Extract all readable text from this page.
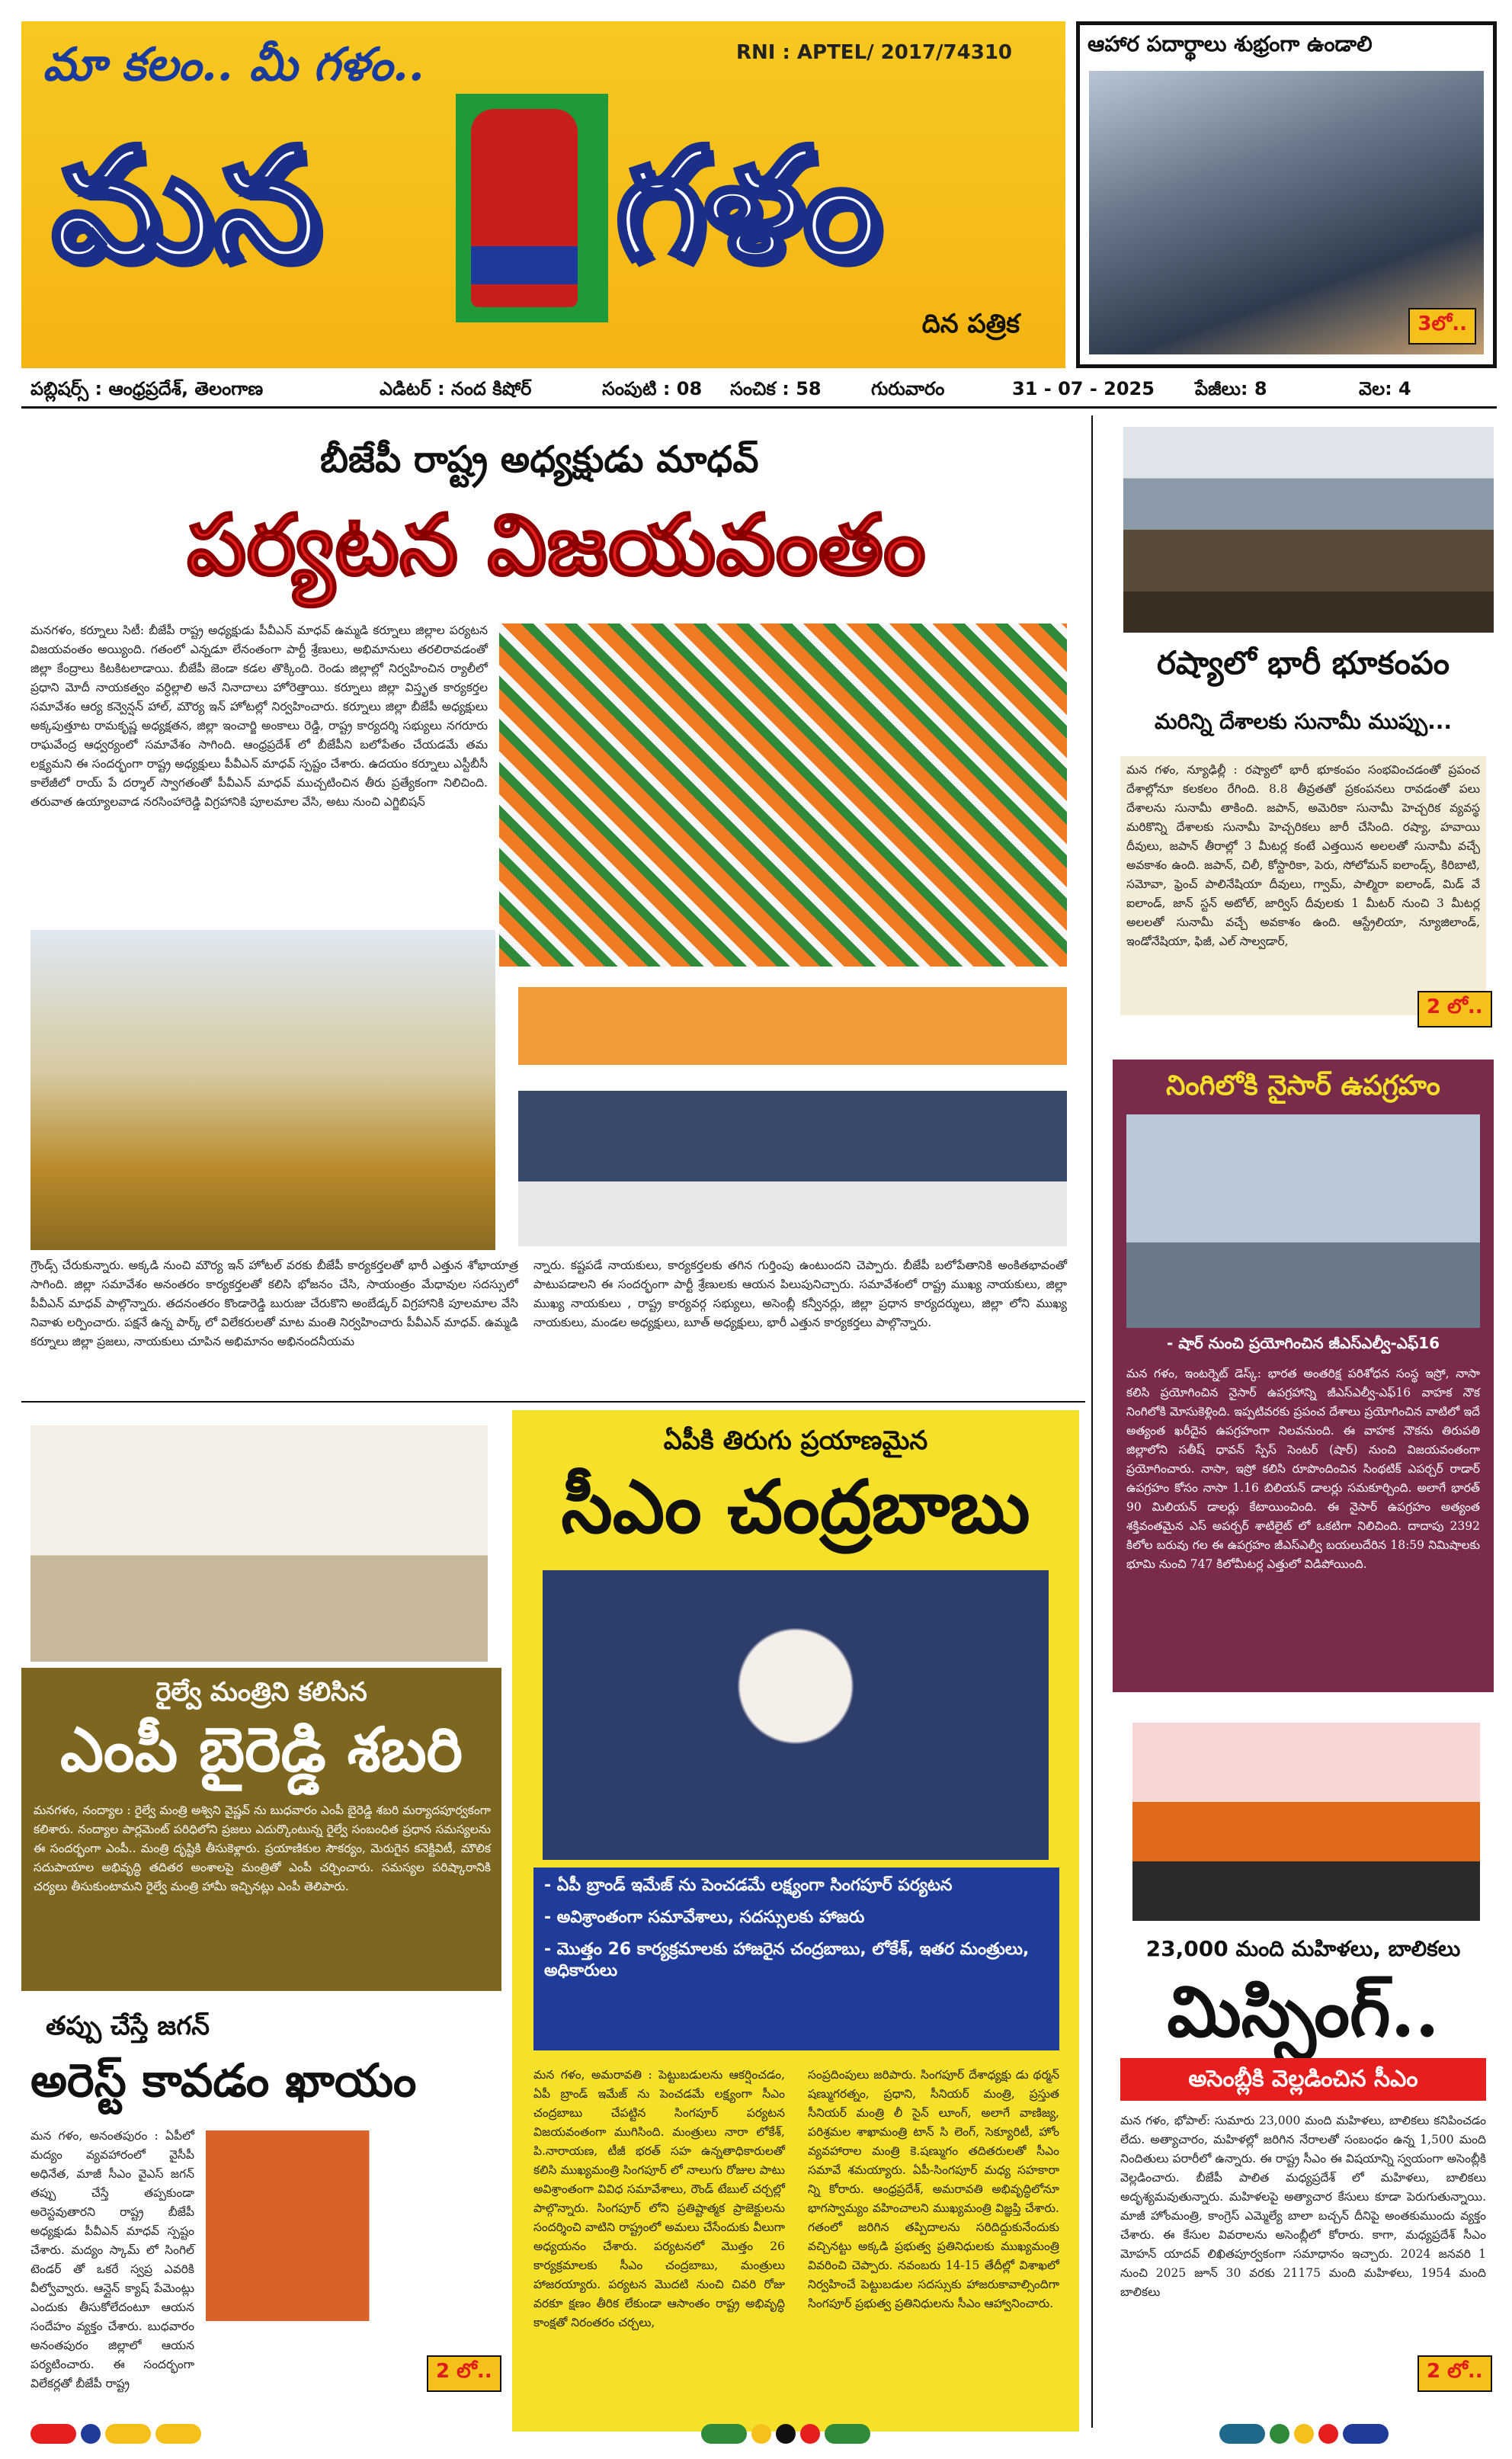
మా కలం.. మీ గళం..	RNI : APTEL/ 2017/74310
మన గళం
దిన పత్రిక
ఆహార పదార్థాలు శుభ్రంగా ఉండాలి
3లో..
పబ్లిషర్స్ : ఆంధ్రప్రదేశ్, తెలంగాణ	ఎడిటర్ : నంద కిషోర్	సంపుటి : 08 సంచిక : 58	గురువారం	31 - 07 - 2025 పేజీలు: 8	వెల: 4
బీజేపీ రాష్ట్ర అధ్యక్షుడు మాధవ్
పర్యటన విజయవంతం
మనగళం, కర్నూలు సిటీ: బీజేపీ రాష్ట్ర అధ్యక్షుడు పీవీఎన్ మాధవ్ ఉమ్మడి కర్నూలు జిల్లాల పర్యటన విజయవంతం అయ్యింది. గతంలో ఎన్నడూ లేనంతంగా పార్టీ శ్రేణులు, అభిమానులు తరలిరావడంతో జిల్లా కేంద్రాలు కిటకిటలాడాయి. బీజేపీ జెండా కడల తొక్కింది. రెండు జిల్లాల్లో నిర్వహించిన ర్యాలీలో ప్రధాని మోదీ నాయకత్వం వర్ధిల్లాలి అనే నినాదాలు హోరెత్తాయి. కర్నూలు జిల్లా విస్తృత కార్యకర్తల సమావేశం ఆర్య కన్వెన్షన్ హాల్, మౌర్య ఇన్ హోటల్లో నిర్వహించారు. కర్నూలు జిల్లా బీజేపీ అధ్యక్షులు అక్కపుత్తూట రామకృష్ణ అధ్యక్షతన, జిల్లా ఇంచార్జి అంకాలు రెడ్డి, రాష్ట్ర కార్యదర్శి సభ్యులు నగరూరు రాఘవేంద్ర ఆధ్వర్యంలో సమావేశం సాగింది. ఆంధ్రప్రదేశ్ లో బీజేపీని బలోపేతం చేయడమే తమ లక్ష్యమని ఈ సందర్భంగా రాష్ట్ర అధ్యక్షులు పీవీఎన్ మాధవ్ స్పష్టం చేశారు. ఉదయం కర్నూలు ఎస్టీబీసీ కాలేజీలో రాయ్ పే దర్శాల్ స్వాగతంతో పీవీఎన్ మాధవ్ ముచ్చటించిన తీరు ప్రత్యేకంగా నిలిచింది. తరువాత ఉయ్యాలవాడ నరసింహారెడ్డి విగ్రహానికి పూలమాల వేసి, అటు నుంచి ఎగ్జిబిషన్
గ్రౌండ్స్ చేరుకున్నారు. అక్కడి నుంచి మౌర్య ఇన్ హోటల్ వరకు బీజేపీ కార్యకర్తలతో భారీ ఎత్తున శోభాయాత్ర సాగింది. జిల్లా సమావేశం అనంతరం కార్యకర్తలతో కలిసి భోజనం చేసి, సాయంత్రం మేధావుల సదస్సులో పీవీఎన్ మాధవ్ పాల్గొన్నారు. తదనంతరం కొండారెడ్డి బురుజు చేరుకొని అంబేడ్కర్ విగ్రహానికి పూలమాల వేసి నివాళు లర్పించారు. పక్షనే ఉన్న పార్క్ లో విలేకరులతో మాట మంతి నిర్వహించారు పీవీఎన్ మాధవ్. ఉమ్మడి కర్నూలు జిల్లా ప్రజలు, నాయకులు చూపిన అభిమానం అభినందనీయమ
న్నారు. కష్టపడే నాయకులు, కార్యకర్తలకు తగిన గుర్తింపు ఉంటుందని చెప్పారు. బీజేపీ బలోపేతానికి అంకితభావంతో పాటుపడాలని ఈ సందర్భంగా పార్టీ శ్రేణులకు ఆయన పిలుపునిచ్చారు. సమావేశంలో రాష్ట్ర ముఖ్య నాయకులు, జిల్లా ముఖ్య నాయకులు , రాష్ట్ర కార్యవర్గ సభ్యులు, అసెంబ్లీ కన్వీనర్లు, జిల్లా ప్రధాన కార్యదర్శులు, జిల్లా లోని ముఖ్య నాయకులు, మండల అధ్యక్షులు, బూత్ అధ్యక్షులు, భారీ ఎత్తున కార్యకర్తలు పాల్గొన్నారు.
రష్యాలో భారీ భూకంపం
మరిన్ని దేశాలకు సునామీ ముప్పు...
మన గళం, న్యూఢిల్లీ : రష్యాలో భారీ భూకంపం సంభవించడంతో ప్రపంచ దేశాల్లోనూ కలకలం రేగింది. 8.8 తీవ్రతతో ప్రకంపనలు రావడంతో పలు దేశాలను సునామీ తాకింది. జపాన్, అమెరికా సునామీ హెచ్చరిక వ్యవస్థ మరికొన్ని దేశాలకు సునామీ హెచ్చరికలు జారీ చేసింది. రష్యా, హవాయి దీవులు, జపాన్ తీరాల్లో 3 మీటర్ల కంటే ఎత్తయిన అలలతో సునామీ వచ్చే అవకాశం ఉంది. జపాన్, చిలీ, కోస్టారికా, పెరు, సోలోమన్ ఐలాండ్స్, కిరిబాటి, సమోవా, ఫ్రెంచ్ పాలినేషియా దీవులు, గ్వామ్, పాల్మిరా ఐలాండ్, మిడ్ వే ఐలాండ్, జాన్ స్టన్ అటోల్, జార్విస్ దీవులకు 1 మీటర్ నుంచి 3 మీటర్ల అలలతో సునామీ వచ్చే అవకాశం ఉంది. ఆస్ట్రేలియా, న్యూజిలాండ్, ఇండోనేషియా, ఫిజీ, ఎల్ సాల్వడార్,
2 లో..
నింగిలోకి నైసార్ ఉపగ్రహం
- షార్ నుంచి ప్రయోగించిన జీఎస్ఎల్వీ-ఎఫ్16
మన గళం, ఇంటర్నెట్ డెస్క్: భారత అంతరిక్ష పరిశోధన సంస్థ ఇస్రో, నాసా కలిసి ప్రయోగించిన నైసార్ ఉపగ్రహాన్ని జీఎస్ఎల్వీ-ఎఫ్16 వాహక నౌక నింగిలోకి మోసుకెళ్లింది. ఇప్పటివరకు ప్రపంచ దేశాలు ప్రయోగించిన వాటిలో ఇదే అత్యంత ఖరీదైన ఉపగ్రహంగా నిలవనుంది. ఈ వాహక నౌకను తిరుపతి జిల్లాలోని సతీష్ ధావన్ స్పేస్ సెంటర్ (షార్) నుంచి విజయవంతంగా ప్రయోగించారు. నాసా, ఇస్రో కలిసి రూపొందించిన సింథటిక్ ఎపర్చర్ రాడార్ ఉపగ్రహం కోసం నాసా 1.16 బిలియన్ డాలర్లు సమకూర్చింది. అలాగే భారత్ 90 మిలియన్ డాలర్లు కేటాయించింది. ఈ నైసార్ ఉపగ్రహం అత్యంత శక్తివంతమైన ఎస్ అపర్చర్ శాటిలైట్ లో ఒకటిగా నిలిచింది. దాదాపు 2392 కిలోల బరువు గల ఈ ఉపగ్రహం జీఎస్ఎల్వీ బయలుదేరిన 18:59 నిమిషాలకు భూమి నుంచి 747 కిలోమీటర్ల ఎత్తులో విడిపోయింది.
రైల్వే మంత్రిని కలిసిన
ఎంపీ బైరెడ్డి శబరి
మనగళం, నంద్యాల : రైల్వే మంత్రి అశ్విని వైష్ణవ్ ను బుధవారం ఎంపీ బైరెడ్డి శబరి మర్యాదపూర్వకంగా కలిశారు. నంద్యాల పార్లమెంట్ పరిధిలోని ప్రజలు ఎదుర్కొంటున్న రైల్వే సంబంధిత ప్రధాన సమస్యలను ఈ సందర్భంగా ఎంపీ.. మంత్రి దృష్టికి తీసుకెళ్లారు. ప్రయాణికుల సౌకర్యం, మెరుగైన కనెక్టివిటీ, మౌలిక సదుపాయాల అభివృద్ధి తదితర అంశాలపై మంత్రితో ఎంపీ చర్చించారు. సమస్యల పరిష్కారానికి చర్యలు తీసుకుంటామని రైల్వే మంత్రి హామీ ఇచ్చినట్లు ఎంపీ తెలిపారు.
తప్పు చేస్తే జగన్
అరెస్ట్ కావడం ఖాయం
మన గళం, అనంతపురం : ఏపీలో మద్యం వ్యవహారంలో వైసీపీ అధినేత, మాజీ సీఎం వైఎస్ జగన్ తప్పు చేస్తే తప్పకుండా అరెస్టవుతారని రాష్ట్ర బీజేపీ అధ్యక్షుడు పీవీఎన్ మాధవ్ స్పష్టం చేశారు. మద్యం స్కామ్ లో సింగిల్ టెండర్ తో ఒకరే స్వప్ర ఎవరికి వీల్వోవ్వారు. ఆన్లైన్ క్యాష్ పేమెంట్లు ఎందుకు తీసుకోలేదంటూ ఆయన సందేహం వ్యక్తం చేశారు. బుధవారం అనంతపురం జిల్లాలో ఆయన పర్యటించారు. ఈ సందర్భంగా విలేకర్లతో బీజేపీ రాష్ట్ర
2 లో..
ఏపీకి తిరుగు ప్రయాణమైన
సీఎం చంద్రబాబు
- ఏపీ బ్రాండ్ ఇమేజ్ ను పెంచడమే లక్ష్యంగా సింగపూర్ పర్యటన
- అవిశ్రాంతంగా సమావేశాలు, సదస్సులకు హాజరు
- మొత్తం 26 కార్యక్రమాలకు హాజరైన చంద్రబాబు, లోకేశ్, ఇతర మంత్రులు, అధికారులు
మన గళం, అమరావతి : పెట్టుబడులను ఆకర్షించడం, ఏపీ బ్రాండ్ ఇమేజ్ ను పెంచడమే లక్ష్యంగా సీఎం చంద్రబాబు చేపట్టిన సింగపూర్ పర్యటన విజయవంతంగా ముగిసింది. మంత్రులు నారా లోకేశ్, పి.నారాయణ, టీజీ భరత్ సహ ఉన్నతాధికారులతో కలిసి ముఖ్యమంత్రి సింగపూర్ లో నాలుగు రోజుల పాటు అవిశ్రాంతంగా వివిధ సమావేశాలు, రౌండ్ టేబుల్ చర్చల్లో పాల్గొన్నారు. సింగపూర్ లోని ప్రతిష్టాత్మక ప్రాజెక్టులను సందర్శించి వాటిని రాష్ట్రంలో అమలు చేసేందుకు వీలుగా అధ్యయనం చేశారు. పర్యటనలో మొత్తం 26 కార్యక్రమాలకు సీఎం చంద్రబాబు, మంత్రులు హాజరయ్యారు. పర్యటన మొదటి నుంచి చివరి రోజు వరకూ క్షణం తీరిక లేకుండా ఆసాంతం రాష్ట్ర అభివృద్ధి కాంక్షతో నిరంతరం చర్చలు,
సంప్రదింపులు జరిపారు. సింగపూర్ దేశాధ్యక్షు డు థర్మన్ షణ్ముగరత్నం, ప్రధాని, సీనియర్ మంత్రి, ప్రస్తుత సీనియర్ మంత్రి లీ సైన్ లూంగ్, అలాగే వాణిజ్య, పరిశ్రమల శాఖామంత్రి టాన్ సి లెంగ్, సెక్యూరిటీ, హోం వ్యవహారాల మంత్రి కె.షణ్ముగం తదితరులతో సీఎం సమావే శమయ్యారు. ఏపీ-సింగపూర్ మధ్య సహకారా న్ని కోరారు. ఆంధ్రప్రదేశ్, అమరావతి అభివృద్ధిలోనూ భాగస్వామ్యం వహించాలని ముఖ్యమంత్రి విజ్ఞప్తి చేశారు. గతంలో జరిగిన తప్పిదాలను సరిదిద్దుకునేందుకు వచ్చినట్టు అక్కడి ప్రభుత్వ ప్రతినిధులకు ముఖ్యమంత్రి వివరించి చెప్పారు. నవంబరు 14-15 తేదీల్లో విశాఖలో నిర్వహించే పెట్టుబడుల సదస్సుకు హాజరుకావాల్సిందిగా సింగపూర్ ప్రభుత్వ ప్రతినిధులను సీఎం ఆహ్వానించారు.
23,000 మంది మహిళలు, బాలికలు
మిస్సింగ్..
అసెంబ్లీకి వెల్లడించిన సీఎం
మన గళం, భోపాల్: సుమారు 23,000 మంది మహిళలు, బాలికలు కనిపించడం లేదు. అత్యాచారం, మహిళల్లో జరిగిన నేరాలతో సంబంధం ఉన్న 1,500 మంది నిందితులు పరారీలో ఉన్నారు. ఈ రాష్ట్ర సీఎం ఈ విషయాన్ని స్వయంగా అసెంబ్లీకి వెల్లడించారు. బీజేపీ పాలిత మధ్యప్రదేశ్ లో మహిళలు, బాలికలు అదృశ్యమవుతున్నారు. మహిళలపై అత్యాచార కేసులు కూడా పెరుగుతున్నాయి. మాజీ హోంమంత్రి, కాంగ్రెస్ ఎమ్మెల్యే బాలా బచ్చన్ దీనిపై అంతకుముందు వ్యక్తం చేశారు. ఈ కేసుల వివరాలను అసెంబ్లీలో కోరారు. కాగా, మధ్యప్రదేశ్ సీఎం మోహన్ యాదవ్ లిఖితపూర్వకంగా సమాధానం ఇచ్చారు. 2024 జనవరి 1 నుంచి 2025 జూన్ 30 వరకు 21175 మంది మహిళలు, 1954 మంది బాలికలు
2 లో..
